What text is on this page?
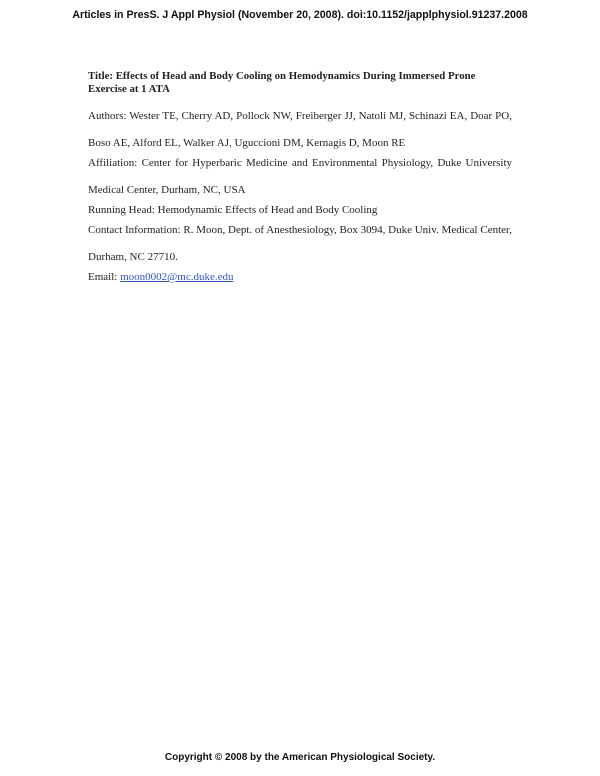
Articles in PresS. J Appl Physiol (November 20, 2008). doi:10.1152/japplphysiol.91237.2008

Title: Effects of Head and Body Cooling on Hemodynamics During Immersed Prone Exercise at 1 ATA

Authors: Wester TE, Cherry AD, Pollock NW, Freiberger JJ, Natoli MJ, Schinazi EA, Doar PO, Boso AE, Alford EL, Walker AJ, Uguccioni DM, Kernagis D, Moon RE

Affiliation: Center for Hyperbaric Medicine and Environmental Physiology, Duke University Medical Center, Durham, NC, USA

Running Head: Hemodynamic Effects of Head and Body Cooling

Contact Information: R. Moon, Dept. of Anesthesiology, Box 3094, Duke Univ. Medical Center, Durham, NC 27710.

Email: moon0002@mc.duke.edu

Copyright © 2008 by the American Physiological Society.
